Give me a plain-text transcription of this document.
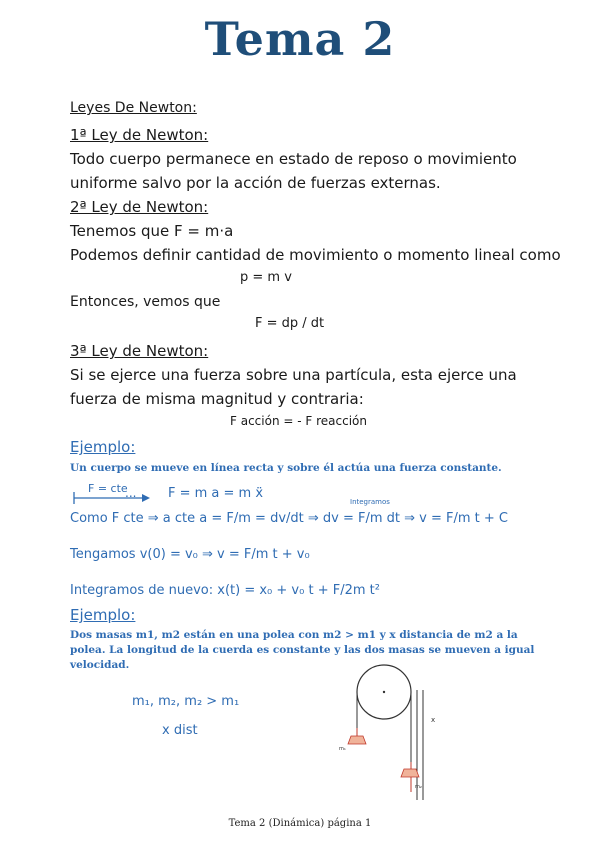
Tema 2
Leyes De Newton:
1ª Ley de Newton:
Todo cuerpo permanece en estado de reposo o movimiento
uniforme salvo por la acción de fuerzas externas.
2ª Ley de Newton:
Tenemos que F = m·a
Podemos definir cantidad de movimiento o momento lineal como
p = m v
Entonces, vemos que
F = dp / dt
3ª Ley de Newton:
Si se ejerce una fuerza sobre una partícula, esta ejerce una
fuerza de misma magnitud y contraria:
F acción = - F reacción
Ejemplo:
Un cuerpo se mueve en línea recta y sobre él actúa una fuerza constante.
F = cte
... F = m a = m ẍ
Integramos
Como F cte ⇒ a cte a = F/m = dv/dt ⇒ dv = F/m dt ⇒ v = F/m t + C
Tengamos v(0) = v₀ ⇒ v = F/m t + v₀
Integramos de nuevo: x(t) = x₀ + v₀ t + F/2m t²
Ejemplo:
Dos masas m1, m2 están en una polea con m2 > m1 y x distancia de m2 a la polea. La longitud de la cuerda es constante y las dos masas se mueven a igual velocidad.
m₁, m₂, m₂ > m₁
x dist
x
m₁
m₂
Tema 2 (Dinámica) página 1
